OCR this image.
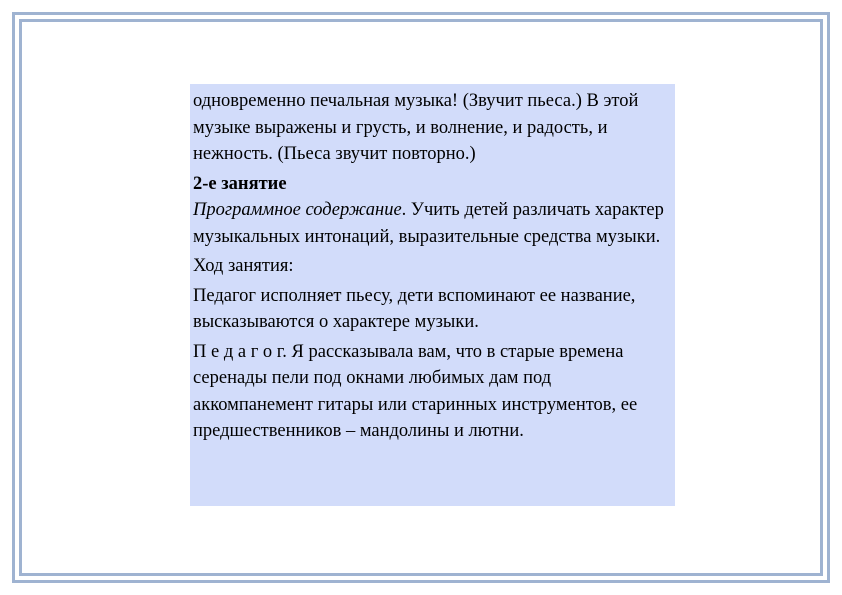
одновременно печальная музыка! (Звучит пьеса.) В этой музыке выражены и грусть, и волнение, и радость, и нежность. (Пьеса звучит повторно.)

2-е занятие

Программное содержание. Учить детей различать характер музыкальных интонаций, выразительные средства музыки.

Ход занятия:

Педагог исполняет пьесу, дети вспоминают ее название, высказываются о характере музыки.

П е д а г о г. Я рассказывала вам, что в старые времена серенады пели под окнами любимых дам под аккомпанемент гитары или старинных инструментов, ее предшественников – мандолины и лютни.
